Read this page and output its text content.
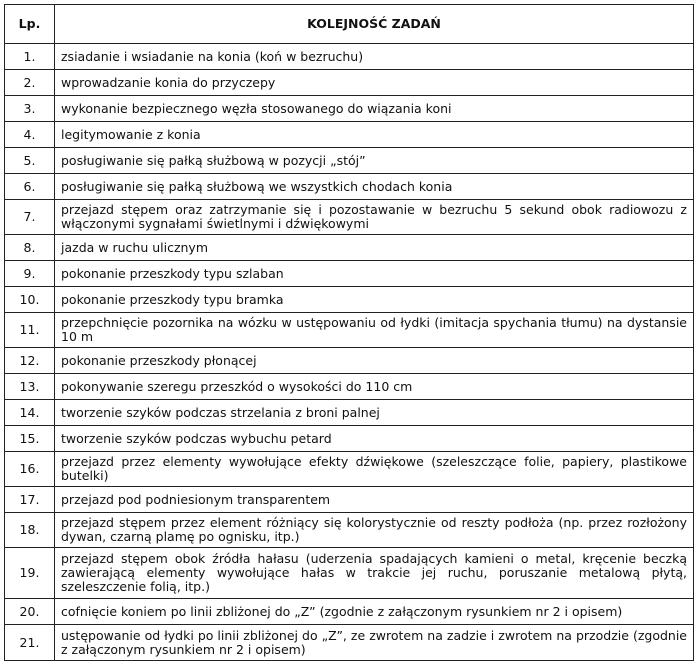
Lp.	KOLEJNOŚĆ ZADAŃ
1.	zsiadanie i wsiadanie na konia (koń w bezruchu)
2.	wprowadzanie konia do przyczepy
3.	wykonanie bezpiecznego węzła stosowanego do wiązania koni
4.	legitymowanie z konia
5.	posługiwanie się pałką służbową w pozycji „stój”
6.	posługiwanie się pałką służbową we wszystkich chodach konia
7.	przejazd stępem oraz zatrzymanie się i pozostawanie w bezruchu 5 sekund obok radiowozu z włączonymi sygnałami świetlnymi i dźwiękowymi
8.	jazda w ruchu ulicznym
9.	pokonanie przeszkody typu szlaban
10.	pokonanie przeszkody typu bramka
11.	przepchnięcie pozornika na wózku w ustępowaniu od łydki (imitacja spychania tłumu) na dystansie 10 m
12.	pokonanie przeszkody płonącej
13.	pokonywanie szeregu przeszkód o wysokości do 110 cm
14.	tworzenie szyków podczas strzelania z broni palnej
15.	tworzenie szyków podczas wybuchu petard
16.	przejazd przez elementy wywołujące efekty dźwiękowe (szeleszczące folie, papiery, plastikowe butelki)
17.	przejazd pod podniesionym transparentem
18.	przejazd stępem przez element różniący się kolorystycznie od reszty podłoża (np. przez rozłożony dywan, czarną plamę po ognisku, itp.)
19.	przejazd stępem obok źródła hałasu (uderzenia spadających kamieni o metal, kręcenie beczką zawierającą elementy wywołujące hałas w trakcie jej ruchu, poruszanie metalową płytą, szeleszczenie folią, itp.)
20.	cofnięcie koniem po linii zbliżonej do „Z” (zgodnie z załączonym rysunkiem nr 2 i opisem)
21.	ustępowanie od łydki po linii zbliżonej do „Z”, ze zwrotem na zadzie i zwrotem na przodzie (zgodnie z załączonym rysunkiem nr 2 i opisem)
